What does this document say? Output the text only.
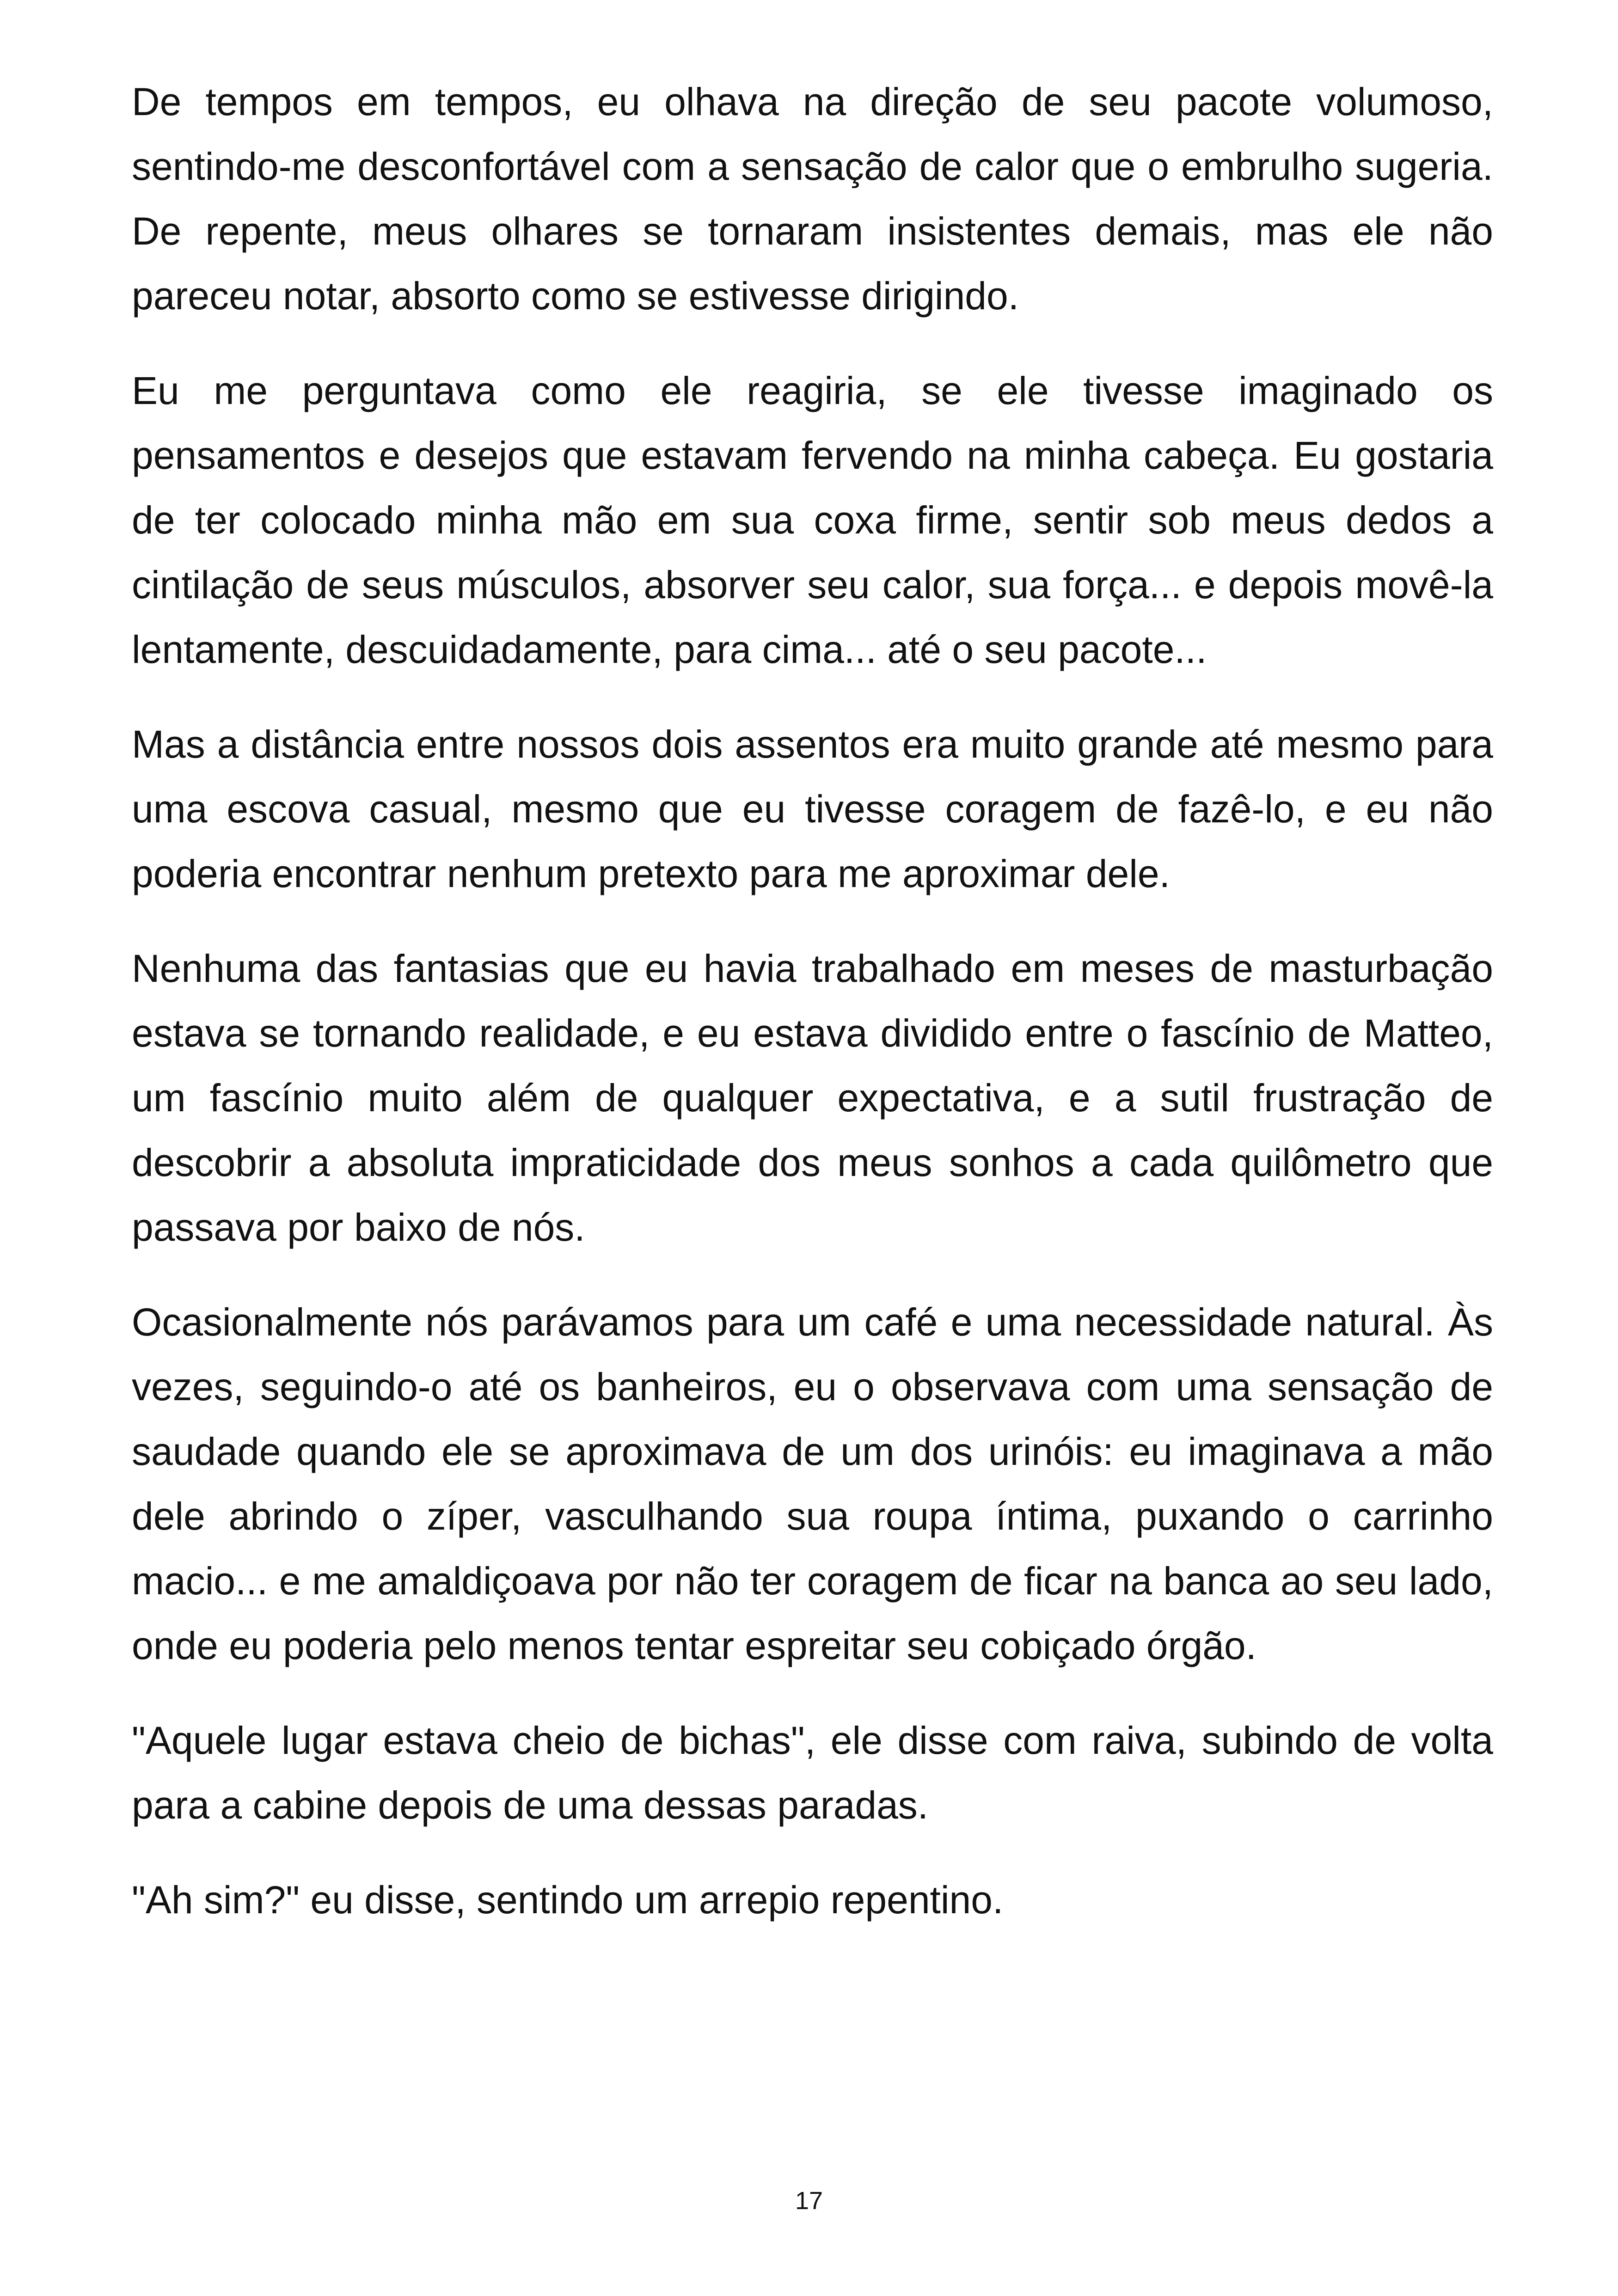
De tempos em tempos, eu olhava na direção de seu pacote volumoso, sentindo-me desconfortável com a sensação de calor que o embrulho sugeria. De repente, meus olhares se tornaram insistentes demais, mas ele não pareceu notar, absorto como se estivesse dirigindo.

Eu me perguntava como ele reagiria, se ele tivesse imaginado os pensamentos e desejos que estavam fervendo na minha cabeça. Eu gostaria de ter colocado minha mão em sua coxa firme, sentir sob meus dedos a cintilação de seus músculos, absorver seu calor, sua força... e depois movê-la lentamente, descuidadamente, para cima... até o seu pacote...

Mas a distância entre nossos dois assentos era muito grande até mesmo para uma escova casual, mesmo que eu tivesse coragem de fazê-lo, e eu não poderia encontrar nenhum pretexto para me aproximar dele.

Nenhuma das fantasias que eu havia trabalhado em meses de masturbação estava se tornando realidade, e eu estava dividido entre o fascínio de Matteo, um fascínio muito além de qualquer expectativa, e a sutil frustração de descobrir a absoluta impraticidade dos meus sonhos a cada quilômetro que passava por baixo de nós.

Ocasionalmente nós parávamos para um café e uma necessidade natural. Às vezes, seguindo-o até os banheiros, eu o observava com uma sensação de saudade quando ele se aproximava de um dos urinóis: eu imaginava a mão dele abrindo o zíper, vasculhando sua roupa íntima, puxando o carrinho macio... e me amaldiçoava por não ter coragem de ficar na banca ao seu lado, onde eu poderia pelo menos tentar espreitar seu cobiçado órgão.

"Aquele lugar estava cheio de bichas", ele disse com raiva, subindo de volta para a cabine depois de uma dessas paradas.

"Ah sim?" eu disse, sentindo um arrepio repentino.

17
